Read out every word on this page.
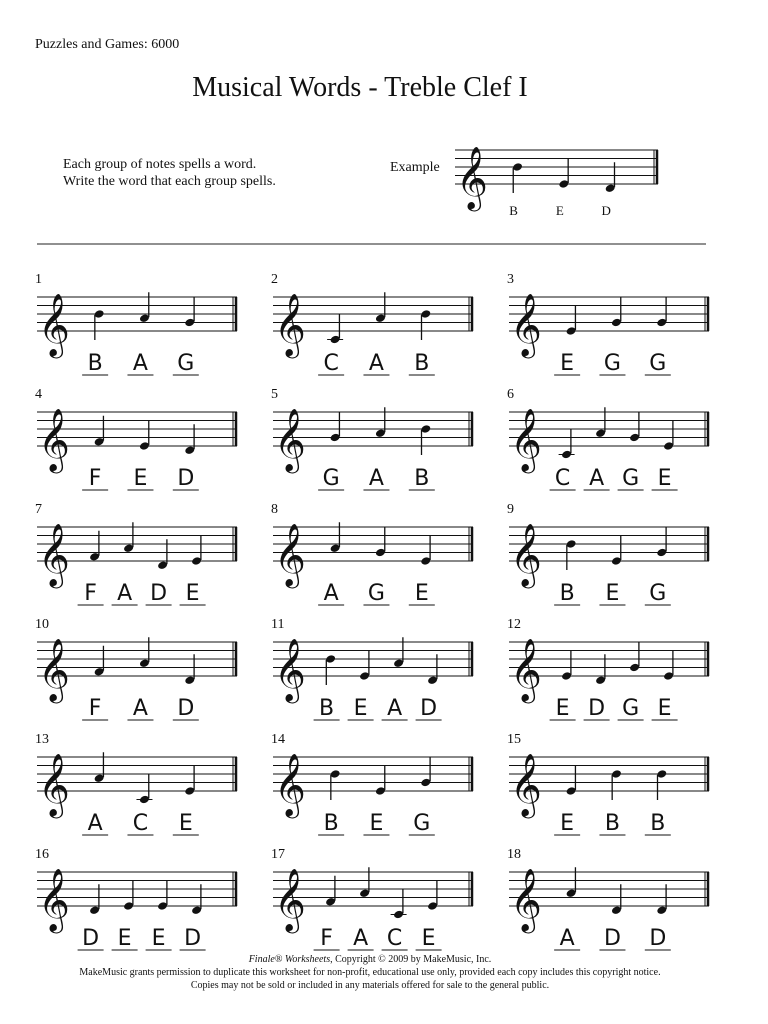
Puzzles and Games: 6000
Musical Words - Treble Clef I
Each group of notes spells a word.
Write the word that each group spells.
Example 𝄞
B	E	D
1
𝄞
B A G
2
𝄞
C A B
3
𝄞
E G G
4
𝄞
F E D
5
𝄞
G A B
6
𝄞
C A G E
7
𝄞
F A D E
8
𝄞
A G E
9
𝄞
B E G
10
𝄞
F A D
11
𝄞
B E A D
12
𝄞
E D G E
13
𝄞
A C E
14
𝄞
B E G
15
𝄞
E B B
16
𝄞
D E E D
17
𝄞
F A C E
18
𝄞
A D D
Finale® Worksheets, Copyright © 2009 by MakeMusic, Inc.
MakeMusic grants permission to duplicate this worksheet for non-profit, educational use only, provided each copy includes this copyright notice.
Copies may not be sold or included in any materials offered for sale to the general public.
